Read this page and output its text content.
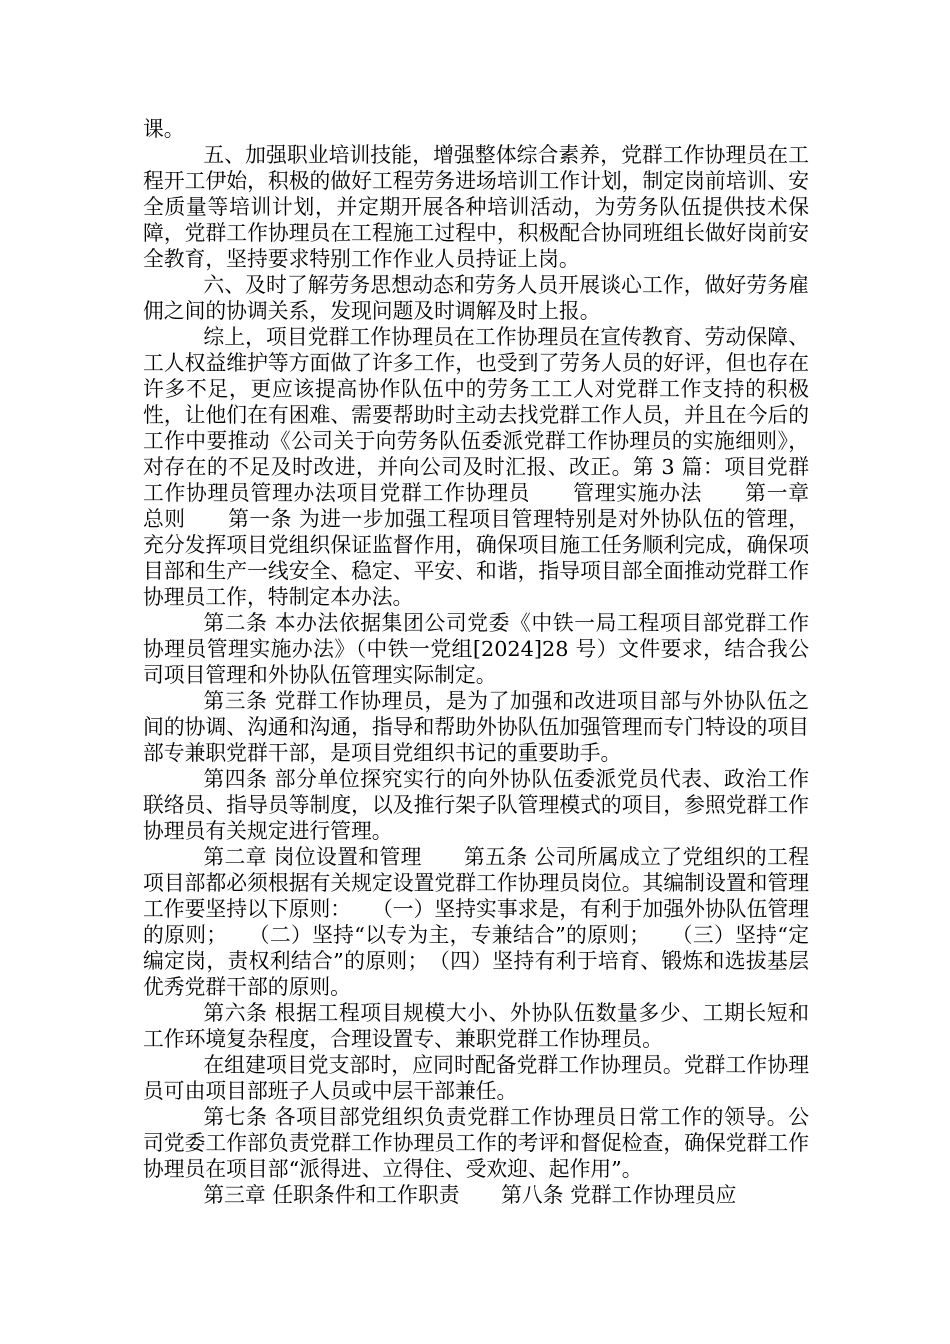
课。

五、加强职业培训技能，增强整体综合素养，党群工作协理员在工程开工伊始，积极的做好工程劳务进场培训工作计划，制定岗前培训、安全质量等培训计划，并定期开展各种培训活动，为劳务队伍提供技术保障，党群工作协理员在工程施工过程中，积极配合协同班组长做好岗前安全教育，坚持要求特别工作作业人员持证上岗。

六、及时了解劳务思想动态和劳务人员开展谈心工作，做好劳务雇佣之间的协调关系，发现问题及时调解及时上报。

综上，项目党群工作协理员在工作协理员在宣传教育、劳动保障、工人权益维护等方面做了许多工作，也受到了劳务人员的好评，但也存在许多不足，更应该提高协作队伍中的劳务工工人对党群工作支持的积极性，让他们在有困难、需要帮助时主动去找党群工作人员，并且在今后的工作中要推动《公司关于向劳务队伍委派党群工作协理员的实施细则》，对存在的不足及时改进，并向公司及时汇报、改正。第 3 篇：项目党群工作协理员管理办法项目党群工作协理员　　管理实施办法　　第一章 总则　　第一条 为进一步加强工程项目管理特别是对外协队伍的管理，充分发挥项目党组织保证监督作用，确保项目施工任务顺利完成，确保项目部和生产一线安全、稳定、平安、和谐，指导项目部全面推动党群工作协理员工作，特制定本办法。

第二条 本办法依据集团公司党委《中铁一局工程项目部党群工作协理员管理实施办法》（中铁一党组[2024]28 号）文件要求，结合我公司项目管理和外协队伍管理实际制定。

第三条 党群工作协理员，是为了加强和改进项目部与外协队伍之间的协调、沟通和沟通，指导和帮助外协队伍加强管理而专门特设的项目部专兼职党群干部，是项目党组织书记的重要助手。

第四条 部分单位探究实行的向外协队伍委派党员代表、政治工作联络员、指导员等制度，以及推行架子队管理模式的项目，参照党群工作协理员有关规定进行管理。

第二章 岗位设置和管理　　第五条 公司所属成立了党组织的工程项目部都必须根据有关规定设置党群工作协理员岗位。其编制设置和管理工作要坚持以下原则：　　（一）坚持实事求是，有利于加强外协队伍管理的原则；　　（二）坚持“以专为主，专兼结合”的原则；　　（三）坚持“定编定岗，责权利结合”的原则；　（四）坚持有利于培育、锻炼和选拔基层优秀党群干部的原则。

第六条 根据工程项目规模大小、外协队伍数量多少、工期长短和工作环境复杂程度，合理设置专、兼职党群工作协理员。

在组建项目党支部时，应同时配备党群工作协理员。党群工作协理员可由项目部班子人员或中层干部兼任。

第七条 各项目部党组织负责党群工作协理员日常工作的领导。公司党委工作部负责党群工作协理员工作的考评和督促检查，确保党群工作协理员在项目部“派得进、立得住、受欢迎、起作用”。

第三章 任职条件和工作职责　　第八条 党群工作协理员应
